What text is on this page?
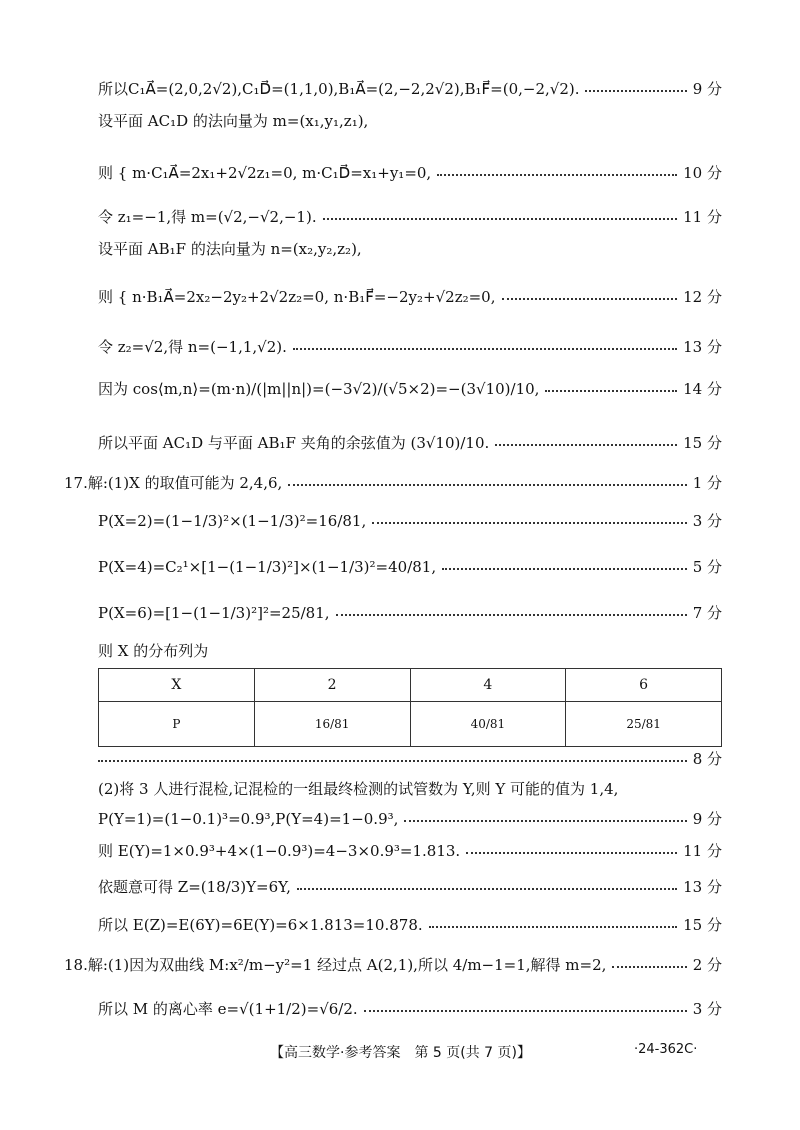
所以C₁A⃗=(2,0,2√2),C₁D⃗=(1,1,0),B₁A⃗=(2,−2,2√2),B₁F⃗=(0,−2,√2).	9 分
设平面 AC₁D 的法向量为 m=(x₁,y₁,z₁),
则 { m·C₁A⃗=2x₁+2√2z₁=0, m·C₁D⃗=x₁+y₁=0,	10 分
令 z₁=−1,得 m=(√2,−√2,−1).	11 分
设平面 AB₁F 的法向量为 n=(x₂,y₂,z₂),
则 { n·B₁A⃗=2x₂−2y₂+2√2z₂=0, n·B₁F⃗=−2y₂+√2z₂=0,	12 分
令 z₂=√2,得 n=(−1,1,√2).	13 分
因为 cos⟨m,n⟩=(m·n)/(|m||n|)=(−3√2)/(√5×2)=−(3√10)/10,	14 分
所以平面 AC₁D 与平面 AB₁F 夹角的余弦值为 (3√10)/10.	15 分
17.解:(1)X 的取值可能为 2,4,6,	1 分
P(X=2)=(1−1/3)²×(1−1/3)²=16/81,	3 分
P(X=4)=C₂¹×[1−(1−1/3)²]×(1−1/3)²=40/81,	5 分
P(X=6)=[1−(1−1/3)²]²=25/81,	7 分
则 X 的分布列为
X	2	4	6
P	16/81	40/81	25/81
8 分
(2)将 3 人进行混检,记混检的一组最终检测的试管数为 Y,则 Y 可能的值为 1,4,
P(Y=1)=(1−0.1)³=0.9³,P(Y=4)=1−0.9³,	9 分
则 E(Y)=1×0.9³+4×(1−0.9³)=4−3×0.9³=1.813.	11 分
依题意可得 Z=(18/3)Y=6Y,	13 分
所以 E(Z)=E(6Y)=6E(Y)=6×1.813=10.878.	15 分
18.解:(1)因为双曲线 M:x²/m−y²=1 经过点 A(2,1),所以 4/m−1=1,解得 m=2,	2 分
所以 M 的离心率 e=√(1+1/2)=√6/2.	3 分
【高三数学·参考答案　第 5 页(共 7 页)】	·24-362C·
